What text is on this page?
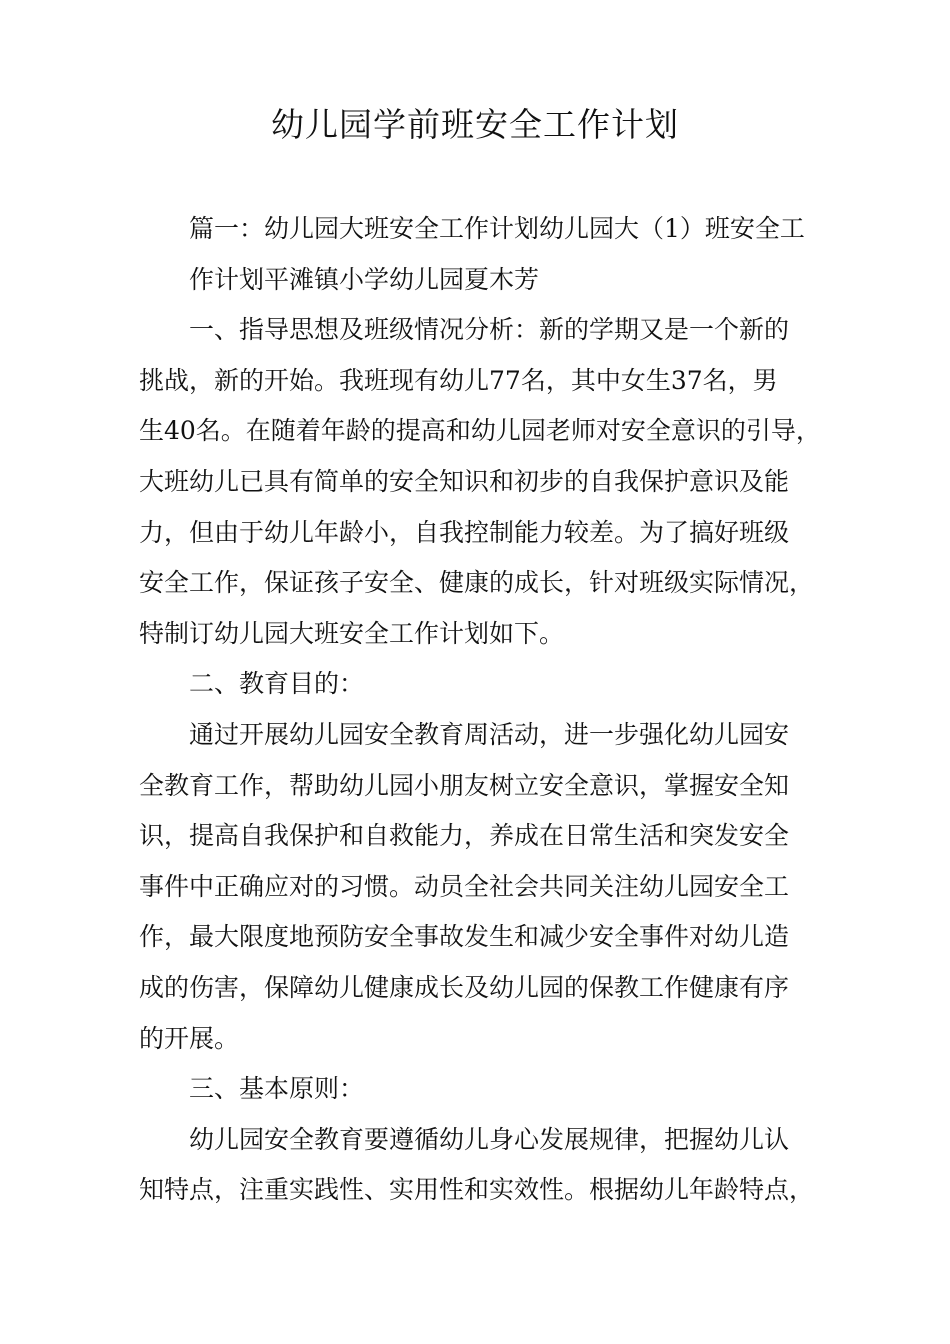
幼儿园学前班安全工作计划
篇一：幼儿园大班安全工作计划幼儿园大（1）班安全工
作计划平滩镇小学幼儿园夏木芳
一、指导思想及班级情况分析：新的学期又是一个新的
挑战，新的开始。我班现有幼儿77名，其中女生37名，男
生40名。在随着年龄的提高和幼儿园老师对安全意识的引导，
大班幼儿已具有简单的安全知识和初步的自我保护意识及能
力，但由于幼儿年龄小，自我控制能力较差。为了搞好班级
安全工作，保证孩子安全、健康的成长，针对班级实际情况，
特制订幼儿园大班安全工作计划如下。
二、教育目的：
通过开展幼儿园安全教育周活动，进一步强化幼儿园安
全教育工作，帮助幼儿园小朋友树立安全意识，掌握安全知
识，提高自我保护和自救能力，养成在日常生活和突发安全
事件中正确应对的习惯。动员全社会共同关注幼儿园安全工
作，最大限度地预防安全事故发生和减少安全事件对幼儿造
成的伤害，保障幼儿健康成长及幼儿园的保教工作健康有序
的开展。
三、基本原则：
幼儿园安全教育要遵循幼儿身心发展规律，把握幼儿认
知特点，注重实践性、实用性和实效性。根据幼儿年龄特点，
